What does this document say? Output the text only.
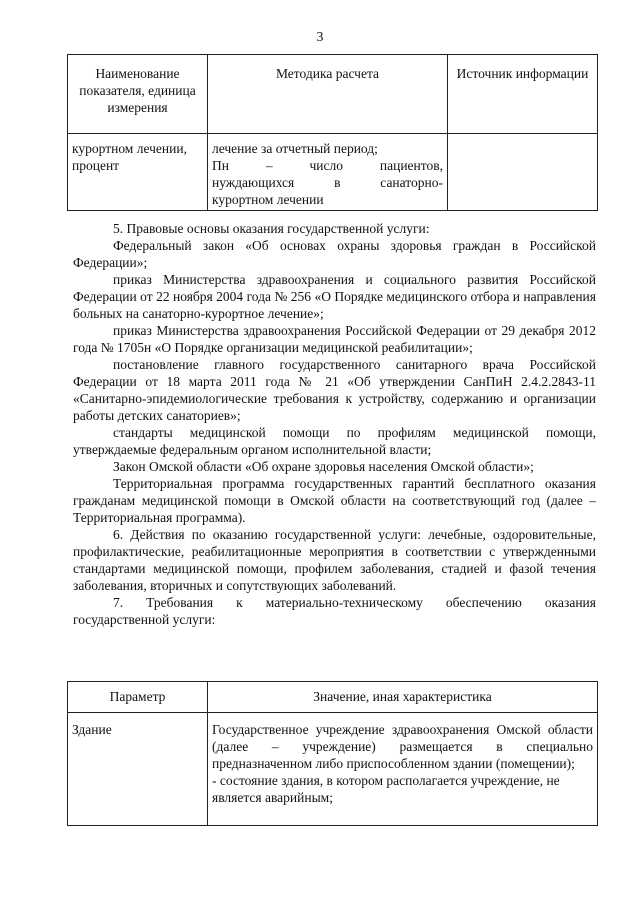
3
Наименование показателя, единица измерения	Методика расчета	Источник информации
курортном лечении, процент	лечение за отчетный период;
Пн – число пациентов,
нуждающихся в санаторно-
курортном лечении	

5. Правовые основы оказания государственной услуги:

Федеральный закон «Об основах охраны здоровья граждан в Российской Федерации»;

приказ Министерства здравоохранения и социального развития Российской Федерации от 22 ноября 2004 года № 256 «О Порядке медицинского отбора и направления больных на санаторно-курортное лечение»;

приказ Министерства здравоохранения Российской Федерации от 29 декабря 2012 года № 1705н «О Порядке организации медицинской реабилитации»;

постановление главного государственного санитарного врача Российской Федерации от 18 марта 2011 года № 21 «Об утверждении СанПиН 2.4.2.2843-11 «Санитарно-эпидемиологические требования к устройству, содержанию и организации работы детских санаториев»;

стандарты медицинской помощи по профилям медицинской помощи, утверждаемые федеральным органом исполнительной власти;

Закон Омской области «Об охране здоровья населения Омской области»;

Территориальная программа государственных гарантий бесплатного оказания гражданам медицинской помощи в Омской области на соответствующий год (далее – Территориальная программа).

6. Действия по оказанию государственной услуги: лечебные, оздоровительные, профилактические, реабилитационные мероприятия в соответствии с утвержденными стандартами медицинской помощи, профилем заболевания, стадией и фазой течения заболевания, вторичных и сопутствующих заболеваний.

7. Требования к материально-техническому обеспечению оказания государственной услуги:

Параметр	Значение, иная характеристика
Здание	Государственное учреждение здравоохранения Омской области (далее – учреждение) размещается в специально предназначенном либо приспособленном здании (помещении);
- состояние здания, в котором располагается учреждение, не является аварийным;
